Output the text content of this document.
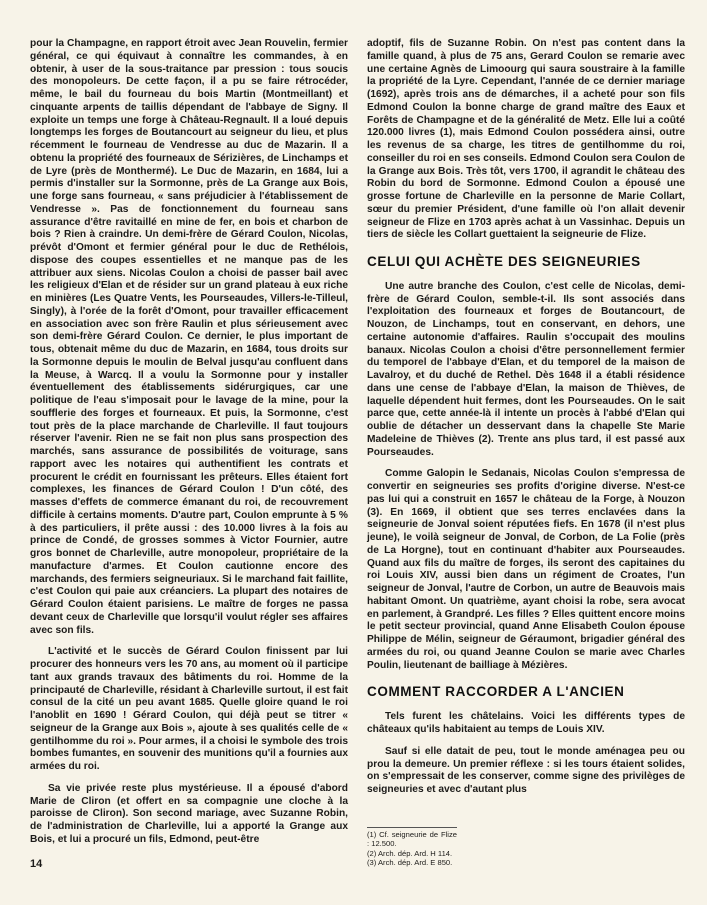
pour la Champagne, en rapport étroit avec Jean Rouvelin, fermier général, ce qui équivaut à connaître les commandes, à en obtenir, à user de la sous-traitance par pression : tous soucis des monopoleurs. De cette façon, il a pu se faire rétrocéder, même, le bail du fourneau du bois Martin (Montmeillant) et cinquante arpents de taillis dépendant de l'abbaye de Signy. Il exploite un temps une forge à Château-Regnault. Il a loué depuis longtemps les forges de Boutancourt au seigneur du lieu, et plus récemment le fourneau de Vendresse au duc de Mazarin. Il a obtenu la propriété des fourneaux de Sérizières, de Linchamps et de Lyre (près de Monthermé). Le Duc de Mazarin, en 1684, lui a permis d'installer sur la Sormonne, près de La Grange aux Bois, une forge sans fourneau, « sans préjudicier à l'établissement de Vendresse ». Pas de fonctionnement du fourneau sans assurance d'être ravitaillé en mine de fer, en bois et charbon de bois ? Rien à craindre. Un demi-frère de Gérard Coulon, Nicolas, prévôt d'Omont et fermier général pour le duc de Rethélois, dispose des coupes essentielles et ne manque pas de les attribuer aux siens. Nicolas Coulon a choisi de passer bail avec les religieux d'Elan et de résider sur un grand plateau à eux riche en minières (Les Quatre Vents, les Pourseaudes, Villers-le-Tilleul, Singly), à l'orée de la forêt d'Omont, pour travailler efficacement en association avec son frère Raulin et plus sérieusement avec son demi-frère Gérard Coulon. Ce dernier, le plus important de tous, obtenait même du duc de Mazarin, en 1684, tous droits sur la Sormonne depuis le moulin de Belval jusqu'au confluent dans la Meuse, à Warcq. Il a voulu la Sormonne pour y installer éventuellement des établissements sidérurgiques, car une politique de l'eau s'imposait pour le lavage de la mine, pour la soufflerie des forges et fourneaux. Et puis, la Sormonne, c'est tout près de la place marchande de Charleville. Il faut toujours réserver l'avenir. Rien ne se fait non plus sans prospection des marchés, sans assurance de possibilités de voiturage, sans rapport avec les notaires qui authentifient les contrats et procurent le crédit en fournissant les prêteurs. Elles étaient fort complexes, les finances de Gérard Coulon ! D'un côté, des masses d'effets de commerce émanant du roi, de recouvrement difficile à certains moments. D'autre part, Coulon emprunte à 5 % à des particuliers, il prête aussi : des 10.000 livres à la fois au prince de Condé, de grosses sommes à Victor Fournier, autre gros bonnet de Charleville, autre monopoleur, propriétaire de la manufacture d'armes. Et Coulon cautionne encore des marchands, des fermiers seigneuriaux. Si le marchand fait faillite, c'est Coulon qui paie aux créanciers. La plupart des notaires de Gérard Coulon étaient parisiens. Le maître de forges ne passa devant ceux de Charleville que lorsqu'il voulut régler ses affaires avec son fils.

L'activité et le succès de Gérard Coulon finissent par lui procurer des honneurs vers les 70 ans, au moment où il participe tant aux grands travaux des bâtiments du roi. Homme de la principauté de Charleville, résidant à Charleville surtout, il est fait consul de la cité un peu avant 1685. Quelle gloire quand le roi l'anoblit en 1690 ! Gérard Coulon, qui déjà peut se titrer « seigneur de la Grange aux Bois », ajoute à ses qualités celle de « gentilhomme du roi ». Pour armes, il a choisi le symbole des trois bombes fumantes, en souvenir des munitions qu'il a fournies aux armées du roi.

Sa vie privée reste plus mystérieuse. Il a épousé d'abord Marie de Cliron (et offert en sa compagnie une cloche à la paroisse de Cliron). Son second mariage, avec Suzanne Robin, de l'administration de Charleville, lui a apporté la Grange aux Bois, et lui a procuré un fils, Edmond, peut-être

adoptif, fils de Suzanne Robin. On n'est pas content dans la famille quand, à plus de 75 ans, Gerard Coulon se remarie avec une certaine Agnès de Limoourg qui saura soustraire à la famille la propriété de la Lyre. Cependant, l'année de ce dernier mariage (1692), après trois ans de démarches, il a acheté pour son fils Edmond Coulon la bonne charge de grand maître des Eaux et Forêts de Champagne et de la généralité de Metz. Elle lui a coûté 120.000 livres (1), mais Edmond Coulon possédera ainsi, outre les revenus de sa charge, les titres de gentilhomme du roi, conseiller du roi en ses conseils. Edmond Coulon sera Coulon de la Grange aux Bois. Très tôt, vers 1700, il agrandit le château des Robin du bord de Sormonne. Edmond Coulon a épousé une grosse fortune de Charleville en la personne de Marie Collart, sœur du premier Président, d'une famille où l'on allait devenir seigneur de Flize en 1703 après achat à un Vassinhac. Depuis un tiers de siècle les Collart guettaient la seigneurie de Flize.

CELUI QUI ACHÈTE DES SEIGNEURIES

Une autre branche des Coulon, c'est celle de Nicolas, demi-frère de Gérard Coulon, semble-t-il. Ils sont associés dans l'exploitation des fourneaux et forges de Boutancourt, de Nouzon, de Linchamps, tout en conservant, en dehors, une certaine autonomie d'affaires. Raulin s'occupait des moulins banaux. Nicolas Coulon a choisi d'être personnellement fermier du temporel de l'abbaye d'Elan, et du temporel de la maison de Lavalroy, et du duché de Rethel. Dès 1648 il a établi résidence dans une cense de l'abbaye d'Elan, la maison de Thièves, de laquelle dépendent huit fermes, dont les Pourseaudes. On le sait parce que, cette année-là il intente un procès à l'abbé d'Elan qui oublie de détacher un desservant dans la chapelle Ste Marie Madeleine de Thièves (2). Trente ans plus tard, il est passé aux Pourseaudes.

Comme Galopin le Sedanais, Nicolas Coulon s'empressa de convertir en seigneuries ses profits d'origine diverse. N'est-ce pas lui qui a construit en 1657 le château de la Forge, à Nouzon (3). En 1669, il obtient que ses terres enclavées dans la seigneurie de Jonval soient réputées fiefs. En 1678 (il n'est plus jeune), le voilà seigneur de Jonval, de Corbon, de La Folie (près de La Horgne), tout en continuant d'habiter aux Pourseaudes. Quand aux fils du maître de forges, ils seront des capitaines du roi Louis XIV, aussi bien dans un régiment de Croates, l'un seigneur de Jonval, l'autre de Corbon, un autre de Beauvois mais habitant Omont. Un quatrième, ayant choisi la robe, sera avocat en parlement, à Grandpré. Les filles ? Elles quittent encore moins le petit secteur provincial, quand Anne Elisabeth Coulon épouse Philippe de Mélin, seigneur de Géraumont, brigadier général des armées du roi, ou quand Jeanne Coulon se marie avec Charles Poulin, lieutenant de bailliage à Mézières.

COMMENT RACCORDER A L'ANCIEN

Tels furent les châtelains. Voici les différents types de châteaux qu'ils habitaient au temps de Louis XIV.

Sauf si elle datait de peu, tout le monde aménagea peu ou prou la demeure. Un premier réflexe : si les tours étaient solides, on s'empressait de les conserver, comme signe des privilèges de seigneuries et avec d'autant plus

(1) Cf. seigneurie de Flize : 12.500.
(2) Arch. dép. Ard. H 114.
(3) Arch. dép. Ard. E 850.
14
